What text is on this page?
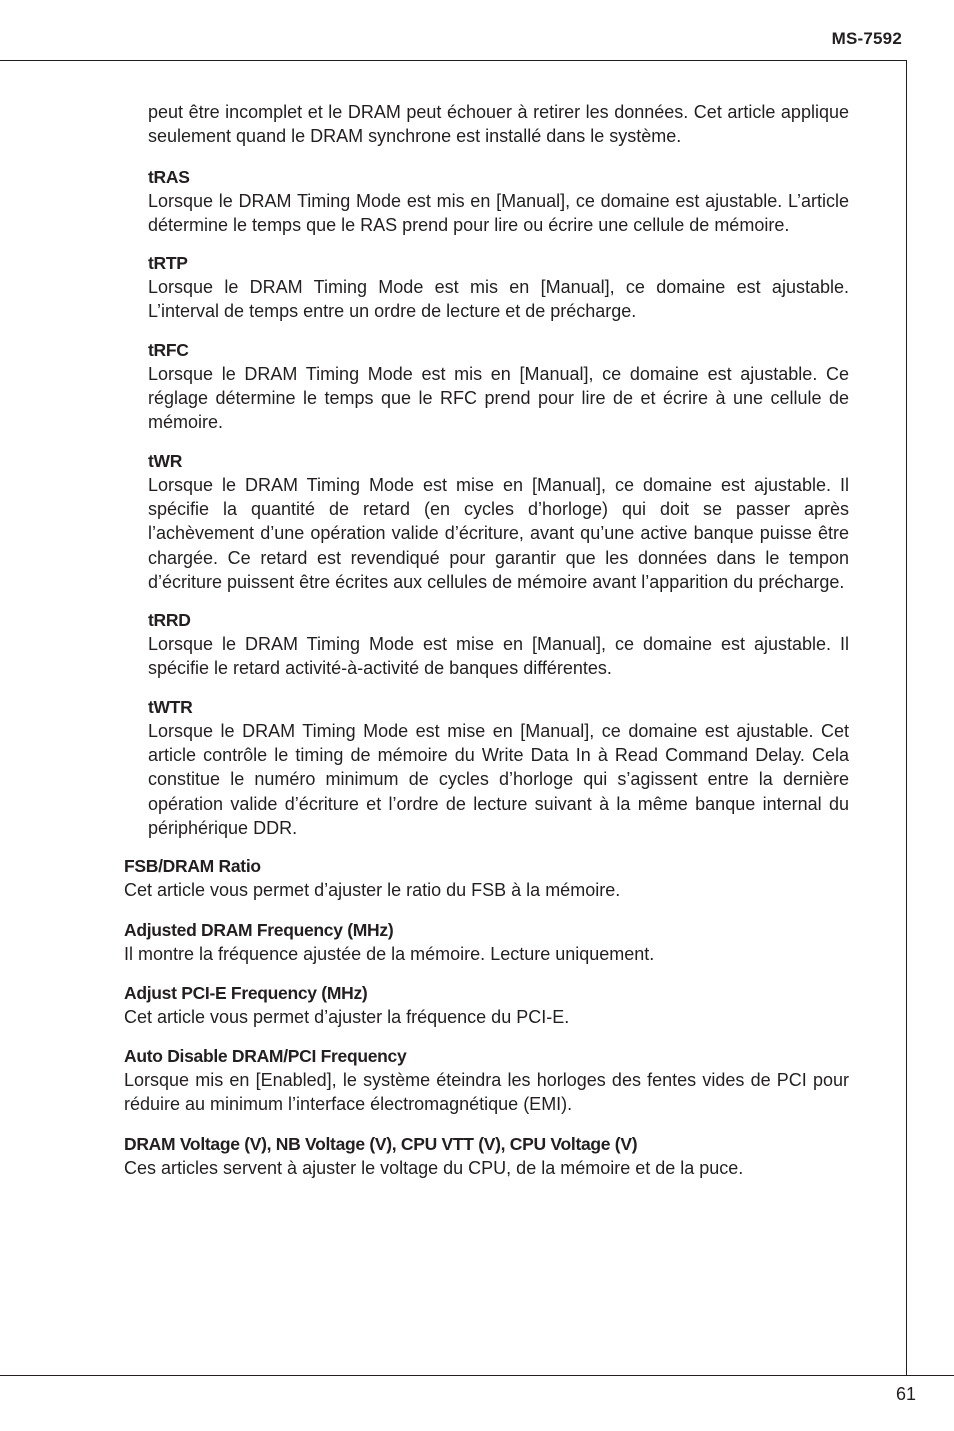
MS-7592

peut être incomplet et le DRAM peut échouer à retirer les données. Cet article applique seulement quand le DRAM synchrone est installé dans le système.

tRAS

Lorsque le DRAM Timing Mode est mis en [Manual], ce domaine est ajustable. L’article détermine le temps que le RAS prend pour lire ou écrire une cellule de mémoire.

tRTP

Lorsque le DRAM Timing Mode est mis en [Manual], ce domaine est ajustable. L’interval de temps entre un ordre de lecture et de précharge.

tRFC

Lorsque le DRAM Timing Mode est mis en [Manual], ce domaine est ajustable. Ce réglage détermine le temps que le RFC prend pour lire de et écrire à une cellule de mémoire.

tWR

Lorsque le DRAM Timing Mode est mise en [Manual], ce domaine est ajustable. Il spécifie la quantité de retard (en cycles d’horloge) qui doit se passer après l’achèvement d’une opération valide d’écriture, avant qu’une active banque puisse être chargée. Ce retard est revendiqué pour garantir que les données dans le tempon d’écriture puissent être écrites aux cellules de mémoire avant l’apparition du précharge.

tRRD

Lorsque le DRAM Timing Mode est mise en [Manual], ce domaine est ajustable. Il spécifie le retard activité-à-activité de banques différentes.

tWTR

Lorsque le DRAM Timing Mode est mise en [Manual], ce domaine est ajustable. Cet article contrôle le timing de mémoire du Write Data In à Read Command Delay. Cela constitue le numéro minimum de cycles d’horloge qui s’agissent entre la dernière opération valide d’écriture et l’ordre de lecture suivant à la même banque internal du périphérique DDR.

FSB/DRAM Ratio

Cet article vous permet d’ajuster le ratio du FSB à la mémoire.

Adjusted DRAM Frequency (MHz)

Il montre la fréquence ajustée de la mémoire. Lecture uniquement.

Adjust PCI-E Frequency (MHz)

Cet article vous permet d’ajuster la fréquence du PCI-E.

Auto Disable DRAM/PCI Frequency

Lorsque mis en [Enabled], le système éteindra les horloges des fentes vides de PCI pour réduire au minimum l’interface électromagnétique (EMI).

DRAM Voltage (V), NB Voltage (V), CPU VTT (V), CPU Voltage (V)

Ces articles servent à ajuster le voltage du CPU, de la mémoire et de la puce.

61
